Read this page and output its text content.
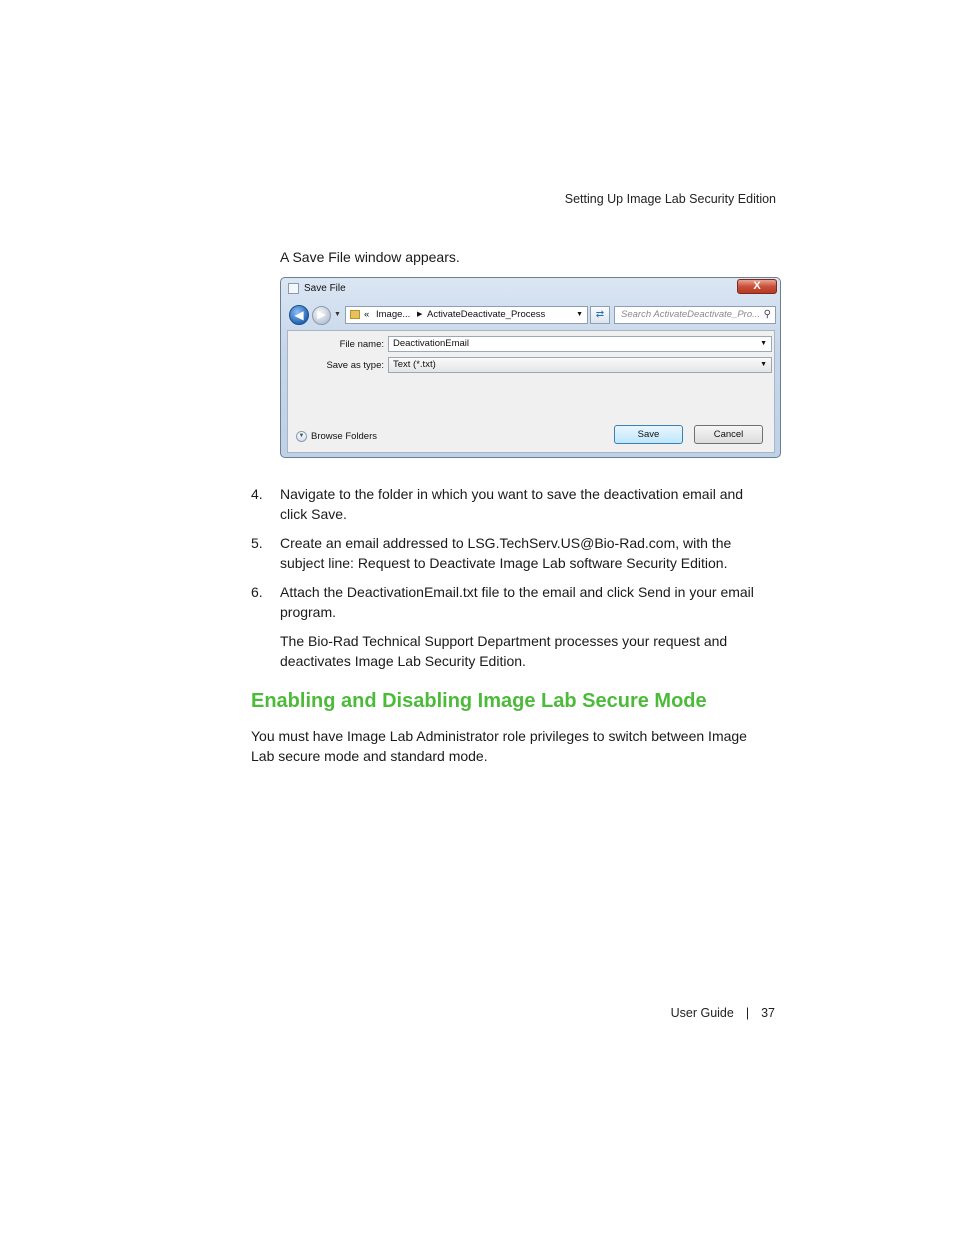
Setting Up Image Lab Security Edition
A Save File window appears.
Save File	X
◀	▶	▼ « Image... ▶ ActivateDeactivate_Process	▼	⇄	Search ActivateDeactivate_Pro... ⚲
File name: DeactivationEmail	▼
Save as type: Text (*.txt)	▼
▼ Browse Folders	Save	Cancel
4. Navigate to the folder in which you want to save the deactivation email and click Save.
5. Create an email addressed to LSG.TechServ.US@Bio-Rad.com, with the subject line: Request to Deactivate Image Lab software Security Edition.
6. Attach the DeactivationEmail.txt file to the email and click Send in your email program.
The Bio-Rad Technical Support Department processes your request and deactivates Image Lab Security Edition.
Enabling and Disabling Image Lab Secure Mode
You must have Image Lab Administrator role privileges to switch between Image Lab secure mode and standard mode.
User Guide | 37
